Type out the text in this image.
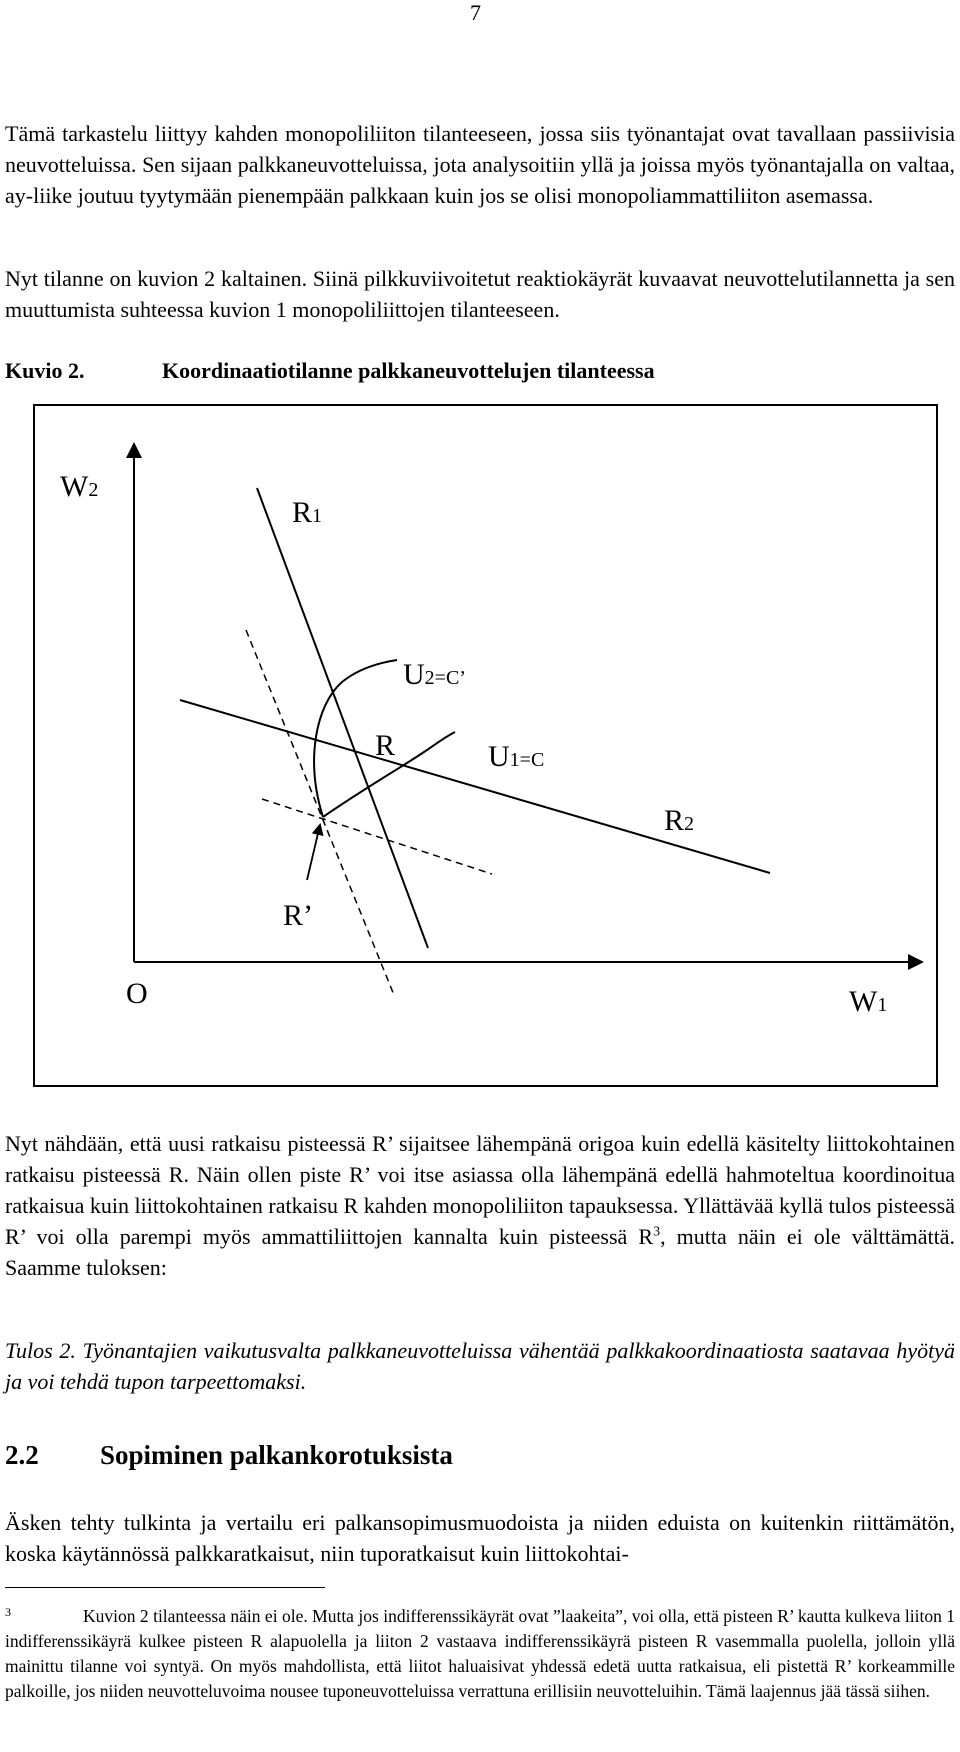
7

Tämä tarkastelu liittyy kahden monopoliliiton tilanteeseen, jossa siis työnantajat ovat tavallaan passiivisia neuvotteluissa. Sen sijaan palkkaneuvotteluissa, jota analysoitiin yllä ja joissa myös työnantajalla on valtaa, ay-liike joutuu tyytymään pienempään palkkaan kuin jos se olisi monopoliammattiliiton asemassa.

Nyt tilanne on kuvion 2 kaltainen. Siinä pilkkuviivoitetut reaktiokäyrät kuvaavat neuvottelutilannetta ja sen muuttumista suhteessa kuvion 1 monopoliliittojen tilanteeseen.

Kuvio 2.	Koordinaatiotilanne palkkaneuvottelujen tilanteessa
W2
R1
U2=C’
R	U1=C
R2
R’
O	W1

Nyt nähdään, että uusi ratkaisu pisteessä R’ sijaitsee lähempänä origoa kuin edellä käsitelty liittokohtainen ratkaisu pisteessä R. Näin ollen piste R’ voi itse asiassa olla lähempänä edellä hahmoteltua koordinoitua ratkaisua kuin liittokohtainen ratkaisu R kahden monopoliliiton tapauksessa. Yllättävää kyllä tulos pisteessä R’ voi olla parempi myös ammattiliittojen kannalta kuin pisteessä $R^3$, mutta näin ei ole välttämättä. Saamme tuloksen:

Tulos 2. Työnantajien vaikutusvalta palkkaneuvotteluissa vähentää palkkakoordinaatiosta saatavaa hyötyä ja voi tehdä tupon tarpeettomaksi.

2.2 Sopiminen palkankorotuksista

Äsken tehty tulkinta ja vertailu eri palkansopimusmuodoista ja niiden eduista on kuitenkin riittämätön, koska käytännössä palkkaratkaisut, niin tuporatkaisut kuin liittokohtai-

3	Kuvion 2 tilanteessa näin ei ole. Mutta jos indifferenssikäyrät ovat ”laakeita”, voi olla, että pisteen R’ kautta kulkeva liiton 1 indifferenssikäyrä kulkee pisteen R alapuolella ja liiton 2 vastaava indifferenssikäyrä pisteen R vasemmalla puolella, jolloin yllä mainittu tilanne voi syntyä. On myös mahdollista, että liitot haluaisivat yhdessä edetä uutta ratkaisua, eli pistettä R’ korkeammille palkoille, jos niiden neuvotteluvoima nousee tuponeuvotteluissa verrattuna erillisiin neuvotteluihin. Tämä laajennus jää tässä siihen.
